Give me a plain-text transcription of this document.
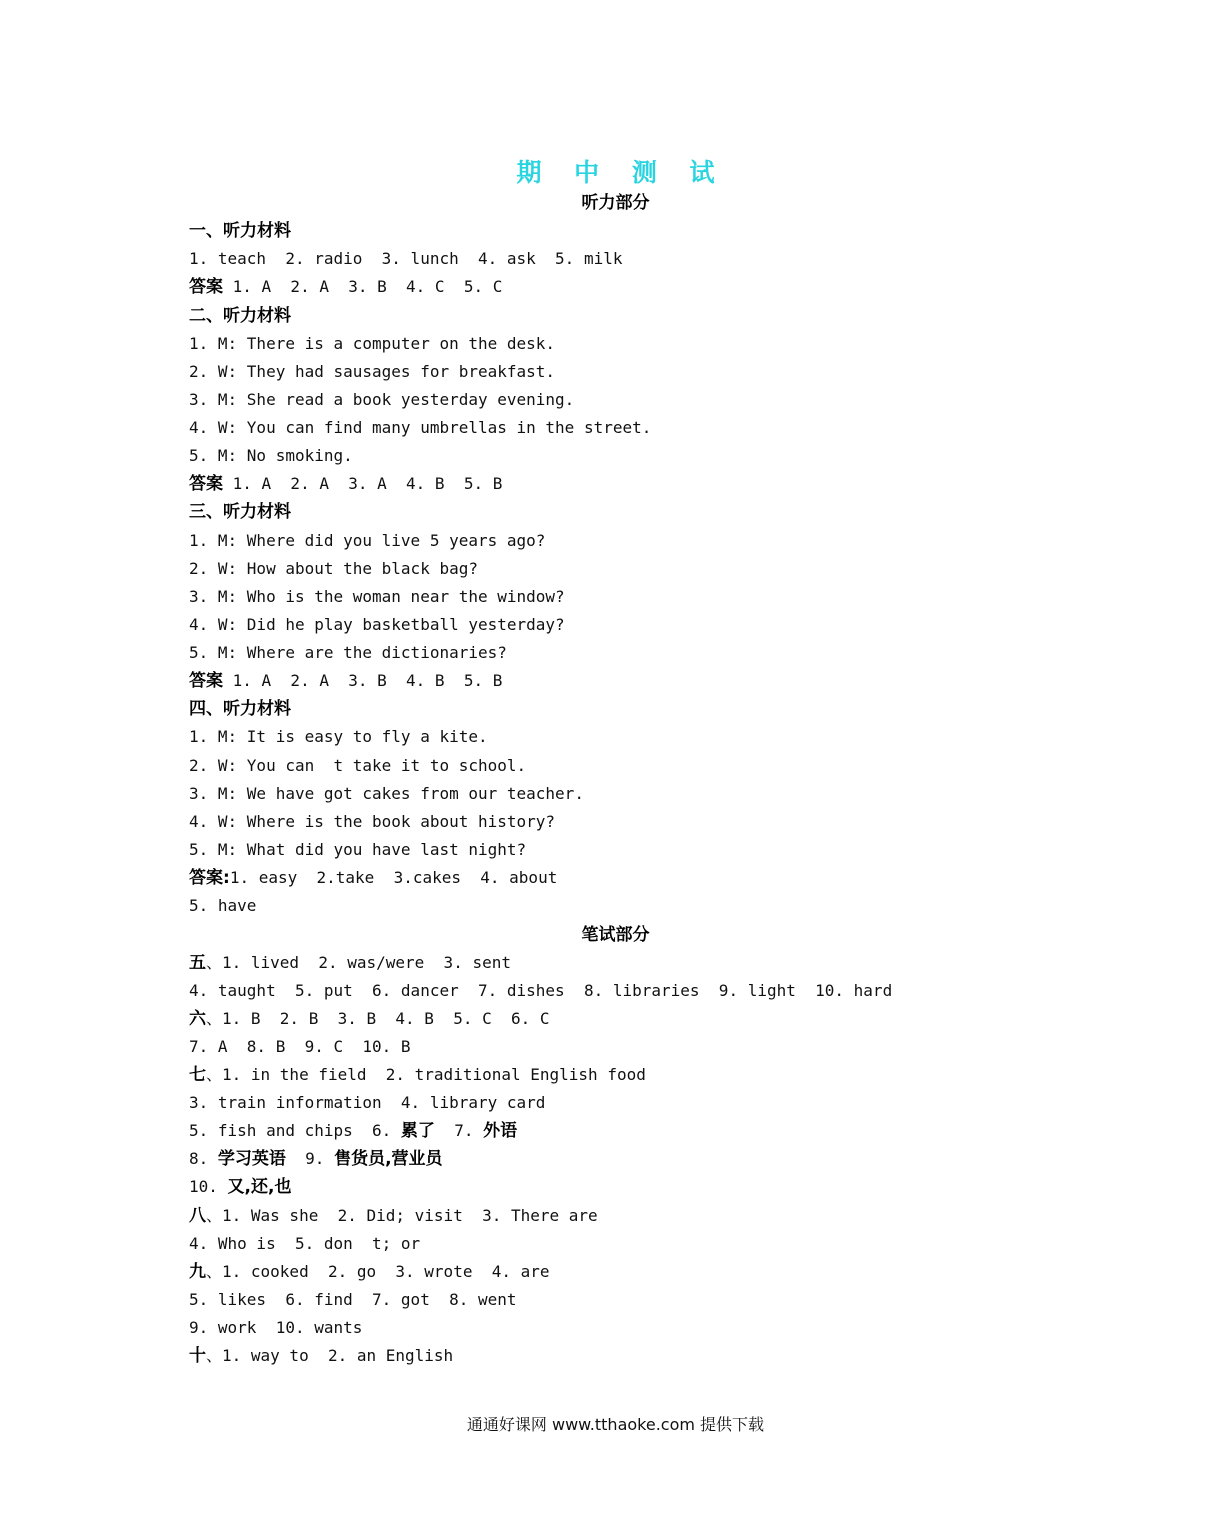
期 中 测 试
听力部分
一、听力材料
1. teach  2. radio  3. lunch  4. ask  5. milk
答案 1. A  2. A  3. B  4. C  5. C
二、听力材料
1. M: There is a computer on the desk.
2. W: They had sausages for breakfast.
3. M: She read a book yesterday evening.
4. W: You can find many umbrellas in the street.
5. M: No smoking.
答案 1. A  2. A  3. A  4. B  5. B
三、听力材料
1. M: Where did you live 5 years ago?
2. W: How about the black bag?
3. M: Who is the woman near the window?
4. W: Did he play basketball yesterday?
5. M: Where are the dictionaries?
答案 1. A  2. A  3. B  4. B  5. B
四、听力材料
1. M: It is easy to fly a kite.
2. W: You can  t take it to school.
3. M: We have got cakes from our teacher.
4. W: Where is the book about history?
5. M: What did you have last night?
答案:1. easy  2.take  3.cakes  4. about
5. have
五、1. lived  2. was/were  3. sent
4. taught  5. put  6. dancer  7. dishes  8. libraries  9. light  10. hard
六、1. B  2. B  3. B  4. B  5. C  6. C
7. A  8. B  9. C  10. B
七、1. in the field  2. traditional English food
3. train information  4. library card
5. fish and chips  6. 累了  7. 外语
8. 学习英语  9. 售货员,营业员
10. 又,还,也
八、1. Was she  2. Did; visit  3. There are
4. Who is  5. don  t; or
九、1. cooked  2. go  3. wrote  4. are
5. likes  6. find  7. got  8. went
9. work  10. wants
十、1. way to  2. an English
笔试部分
通通好课网 www.tthaoke.com 提供下载
